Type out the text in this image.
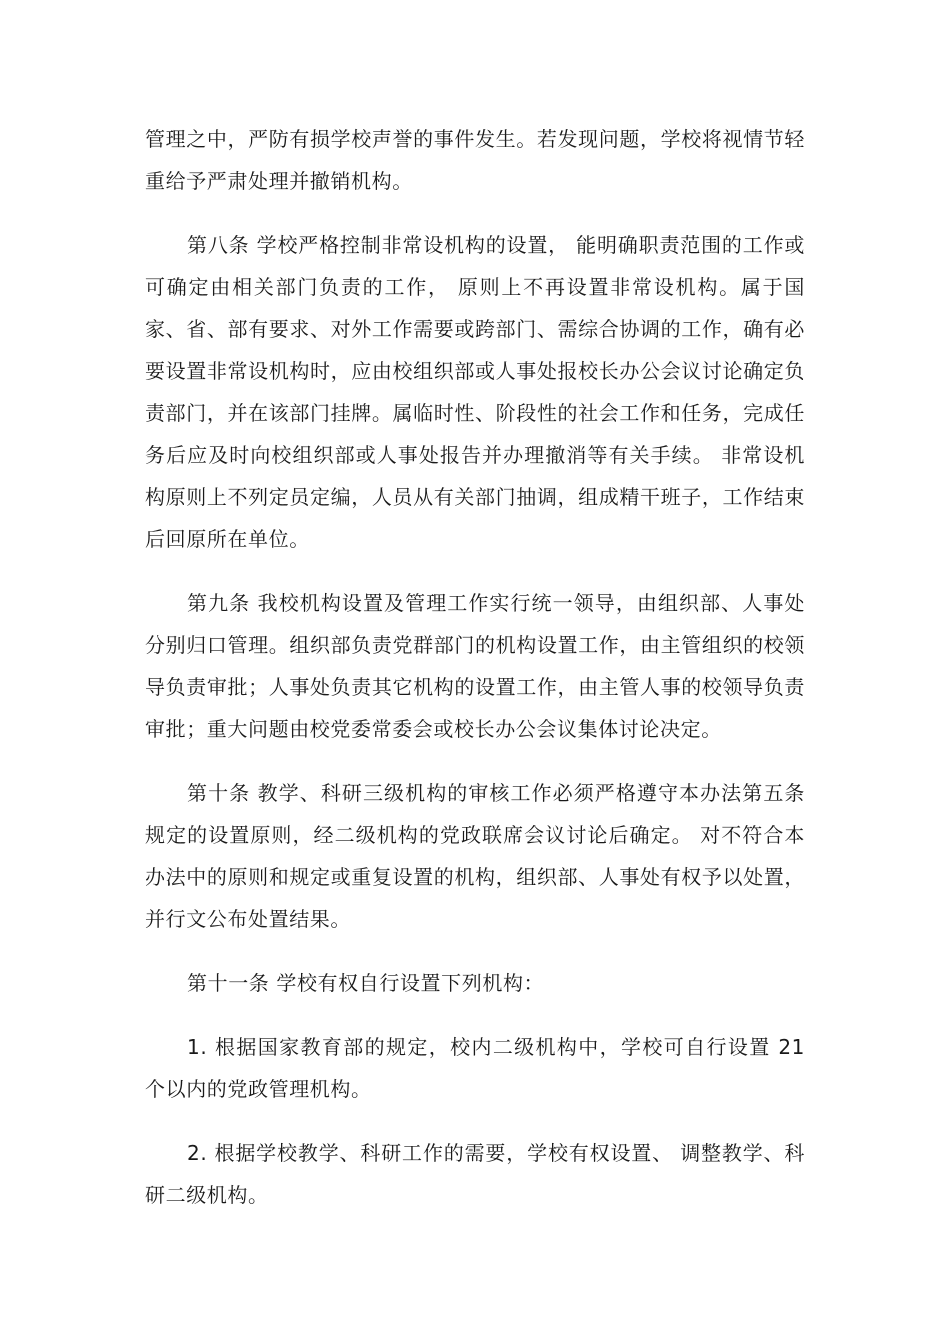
管理之中，严防有损学校声誉的事件发生。若发现问题，学校将视情节轻重给予严肃处理并撤销机构。

第八条 学校严格控制非常设机构的设置， 能明确职责范围的工作或可确定由相关部门负责的工作， 原则上不再设置非常设机构。属于国家、省、部有要求、对外工作需要或跨部门、需综合协调的工作，确有必要设置非常设机构时，应由校组织部或人事处报校长办公会议讨论确定负责部门，并在该部门挂牌。属临时性、阶段性的社会工作和任务，完成任务后应及时向校组织部或人事处报告并办理撤消等有关手续。 非常设机构原则上不列定员定编，人员从有关部门抽调，组成精干班子，工作结束后回原所在单位。

第九条 我校机构设置及管理工作实行统一领导，由组织部、人事处分别归口管理。组织部负责党群部门的机构设置工作，由主管组织的校领导负责审批；人事处负责其它机构的设置工作，由主管人事的校领导负责审批；重大问题由校党委常委会或校长办公会议集体讨论决定。

第十条 教学、科研三级机构的审核工作必须严格遵守本办法第五条规定的设置原则，经二级机构的党政联席会议讨论后确定。 对不符合本办法中的原则和规定或重复设置的机构，组织部、人事处有权予以处置，并行文公布处置结果。

第十一条 学校有权自行设置下列机构：

1. 根据国家教育部的规定，校内二级机构中，学校可自行设置 21 个以内的党政管理机构。

2. 根据学校教学、科研工作的需要，学校有权设置、 调整教学、科研二级机构。
